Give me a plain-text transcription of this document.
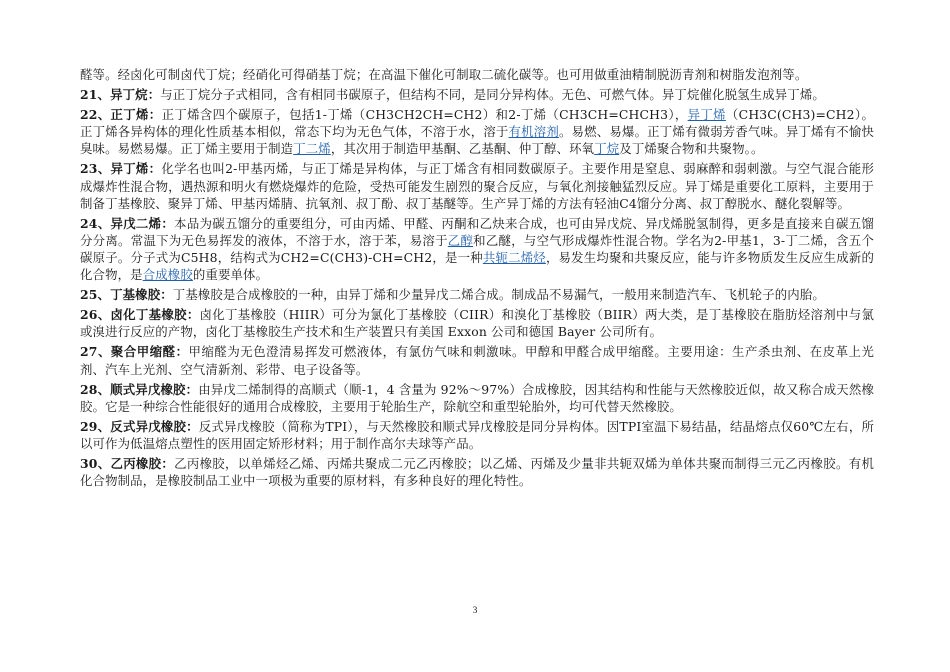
醛等。经卤化可制卤代丁烷；经硝化可得硝基丁烷；在高温下催化可制取二硫化碳等。也可用做重油精制脱沥青剂和树脂发泡剂等。

21、异丁烷：与正丁烷分子式相同，含有相同书碳原子，但结构不同，是同分异构体。无色、可燃气体。异丁烷催化脱氢生成异丁烯。

22、正丁烯：正丁烯含四个碳原子，包括1-丁烯（CH3CH2CH=CH2）和2-丁烯（CH3CH=CHCH3），异丁烯（CH3C(CH3)=CH2）。正丁烯各异构体的理化性质基本相似，常态下均为无色气体，不溶于水，溶于有机溶剂。易燃、易爆。正丁烯有微弱芳香气味。异丁烯有不愉快臭味。易燃易爆。正丁烯主要用于制造丁二烯，其次用于制造甲基酮、乙基酮、仲丁醇、环氧丁烷及丁烯聚合物和共聚物。。

23、异丁烯：化学名也叫2-甲基丙烯，与正丁烯是异构体，与正丁烯含有相同数碳原子。主要作用是窒息、弱麻醉和弱刺激。与空气混合能形成爆炸性混合物，遇热源和明火有燃烧爆炸的危险，受热可能发生剧烈的聚合反应，与氧化剂接触猛烈反应。异丁烯是重要化工原料，主要用于制备丁基橡胶、聚异丁烯、甲基丙烯腈、抗氧剂、叔丁酚、叔丁基醚等。生产异丁烯的方法有轻油C4馏分分离、叔丁醇脱水、醚化裂解等。

24、异戊二烯：本品为碳五馏分的重要组分，可由丙烯、甲醛、丙酮和乙炔来合成，也可由异戊烷、异戊烯脱氢制得，更多是直接来自碳五馏分分离。常温下为无色易挥发的液体，不溶于水，溶于苯，易溶于乙醇和乙醚，与空气形成爆炸性混合物。学名为2-甲基1，3-丁二烯，含五个碳原子。分子式为C5H8，结构式为CH2=C(CH3)-CH=CH2，是一种共轭二烯烃，易发生均聚和共聚反应，能与许多物质发生反应生成新的化合物，是合成橡胶的重要单体。

25、丁基橡胶：丁基橡胶是合成橡胶的一种，由异丁烯和少量异戊二烯合成。制成品不易漏气，一般用来制造汽车、飞机轮子的内胎。

26、卤化丁基橡胶：卤化丁基橡胶（HIIR）可分为氯化丁基橡胶（CIIR）和溴化丁基橡胶（BIIR）两大类，是丁基橡胶在脂肪烃溶剂中与氯或溴进行反应的产物，卤化丁基橡胶生产技术和生产装置只有美国 Exxon 公司和德国 Bayer 公司所有。

27、聚合甲缩醛：甲缩醛为无色澄清易挥发可燃液体，有氯仿气味和刺激味。甲醇和甲醛合成甲缩醛。主要用途：生产杀虫剂、在皮革上光剂、汽车上光剂、空气清新剂、彩带、电子设备等。

28、顺式异戊橡胶：由异戊二烯制得的高顺式（顺-1，4 含量为 92%～97%）合成橡胶，因其结构和性能与天然橡胶近似，故又称合成天然橡胶。它是一种综合性能很好的通用合成橡胶，主要用于轮胎生产，除航空和重型轮胎外，均可代替天然橡胶。

29、反式异戊橡胶：反式异戊橡胶（简称为TPI），与天然橡胶和顺式异戊橡胶是同分异构体。因TPI室温下易结晶，结晶熔点仅60℃左右，所以可作为低温熔点塑性的医用固定矫形材料；用于制作高尔夫球等产品。

30、乙丙橡胶：乙丙橡胶，以单烯烃乙烯、丙烯共聚成二元乙丙橡胶；以乙烯、丙烯及少量非共轭双烯为单体共聚而制得三元乙丙橡胶。有机化合物制品，是橡胶制品工业中一项极为重要的原材料，有多种良好的理化特性。

3
